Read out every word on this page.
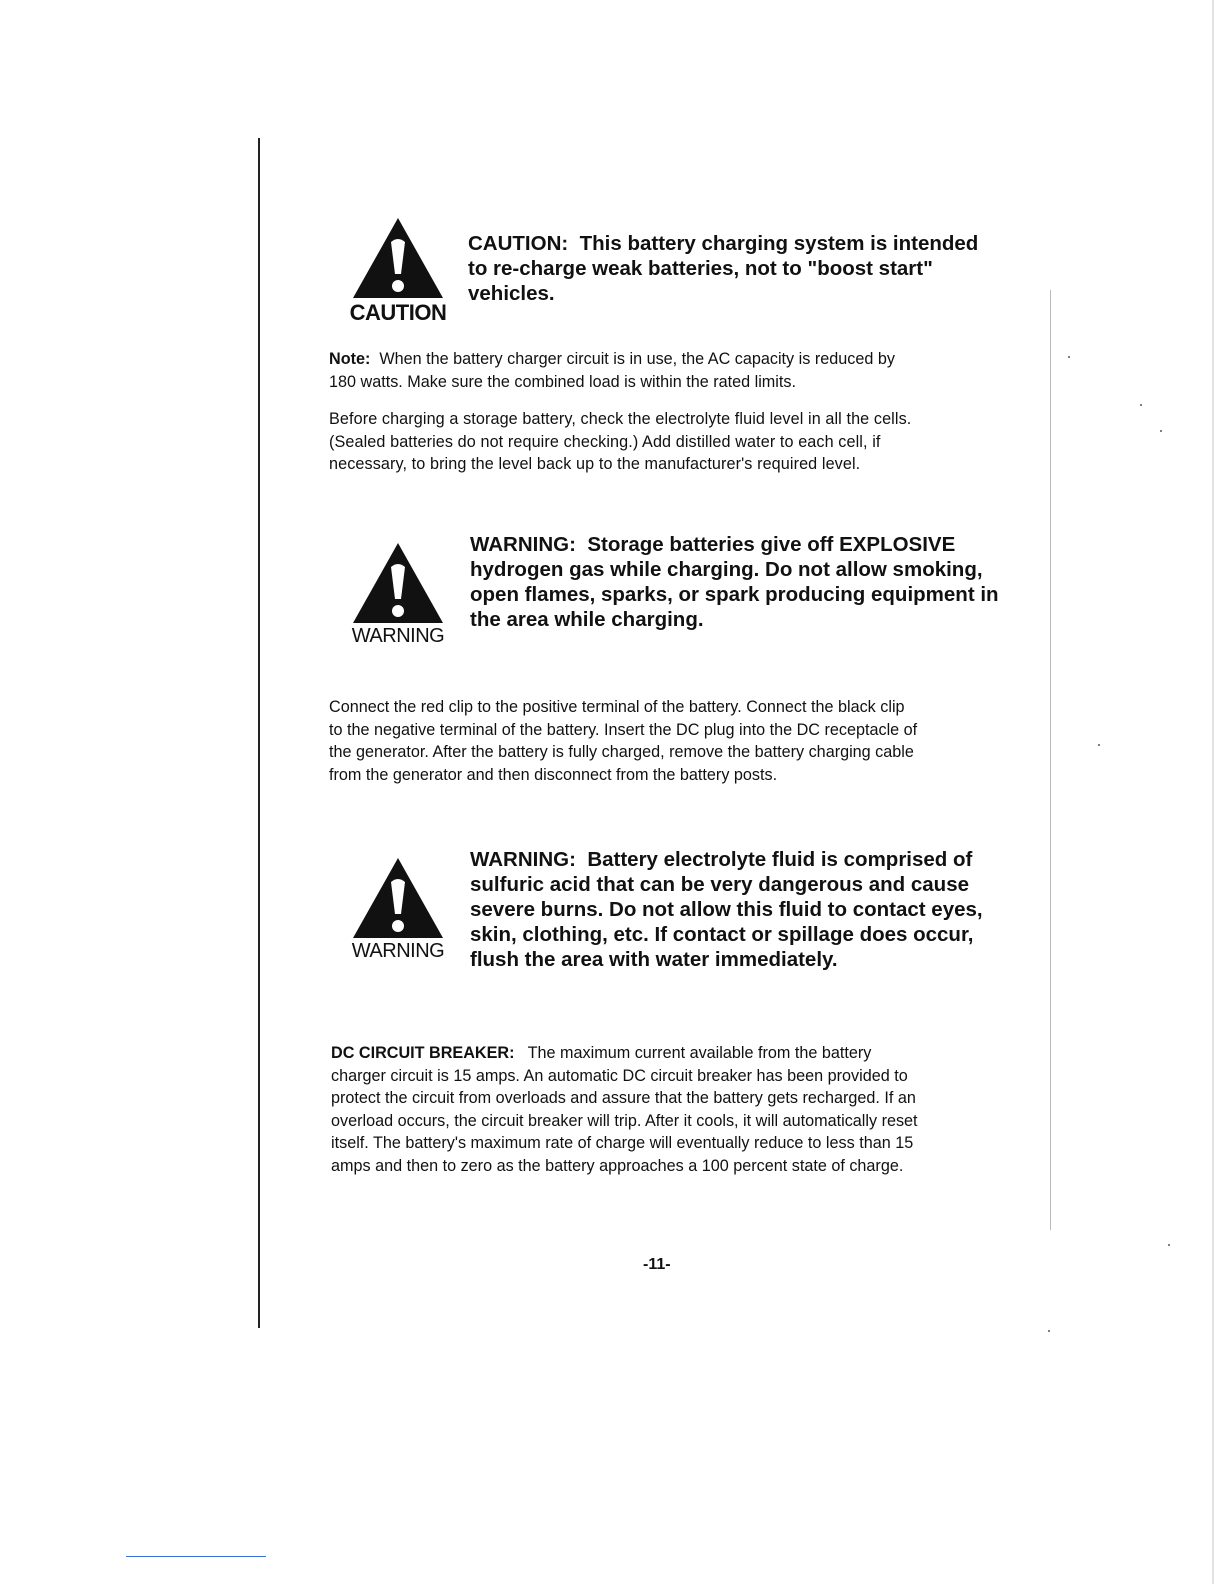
CAUTION
CAUTION: This battery charging system is intended
to re-charge weak batteries, not to "boost start"
vehicles.

Note: When the battery charger circuit is in use, the AC capacity is reduced by
180 watts. Make sure the combined load is within the rated limits.

Before charging a storage battery, check the electrolyte fluid level in all the cells.
(Sealed batteries do not require checking.) Add distilled water to each cell, if
necessary, to bring the level back up to the manufacturer's required level.

WARNING
WARNING: Storage batteries give off EXPLOSIVE
hydrogen gas while charging. Do not allow smoking,
open flames, sparks, or spark producing equipment in
the area while charging.

Connect the red clip to the positive terminal of the battery. Connect the black clip
to the negative terminal of the battery. Insert the DC plug into the DC receptacle of
the generator. After the battery is fully charged, remove the battery charging cable
from the generator and then disconnect from the battery posts.

WARNING
WARNING: Battery electrolyte fluid is comprised of
sulfuric acid that can be very dangerous and cause
severe burns. Do not allow this fluid to contact eyes,
skin, clothing, etc. If contact or spillage does occur,
flush the area with water immediately.

DC CIRCUIT BREAKER: The maximum current available from the battery
charger circuit is 15 amps. An automatic DC circuit breaker has been provided to
protect the circuit from overloads and assure that the battery gets recharged. If an
overload occurs, the circuit breaker will trip. After it cools, it will automatically reset
itself. The battery's maximum rate of charge will eventually reduce to less than 15
amps and then to zero as the battery approaches a 100 percent state of charge.

-11-
